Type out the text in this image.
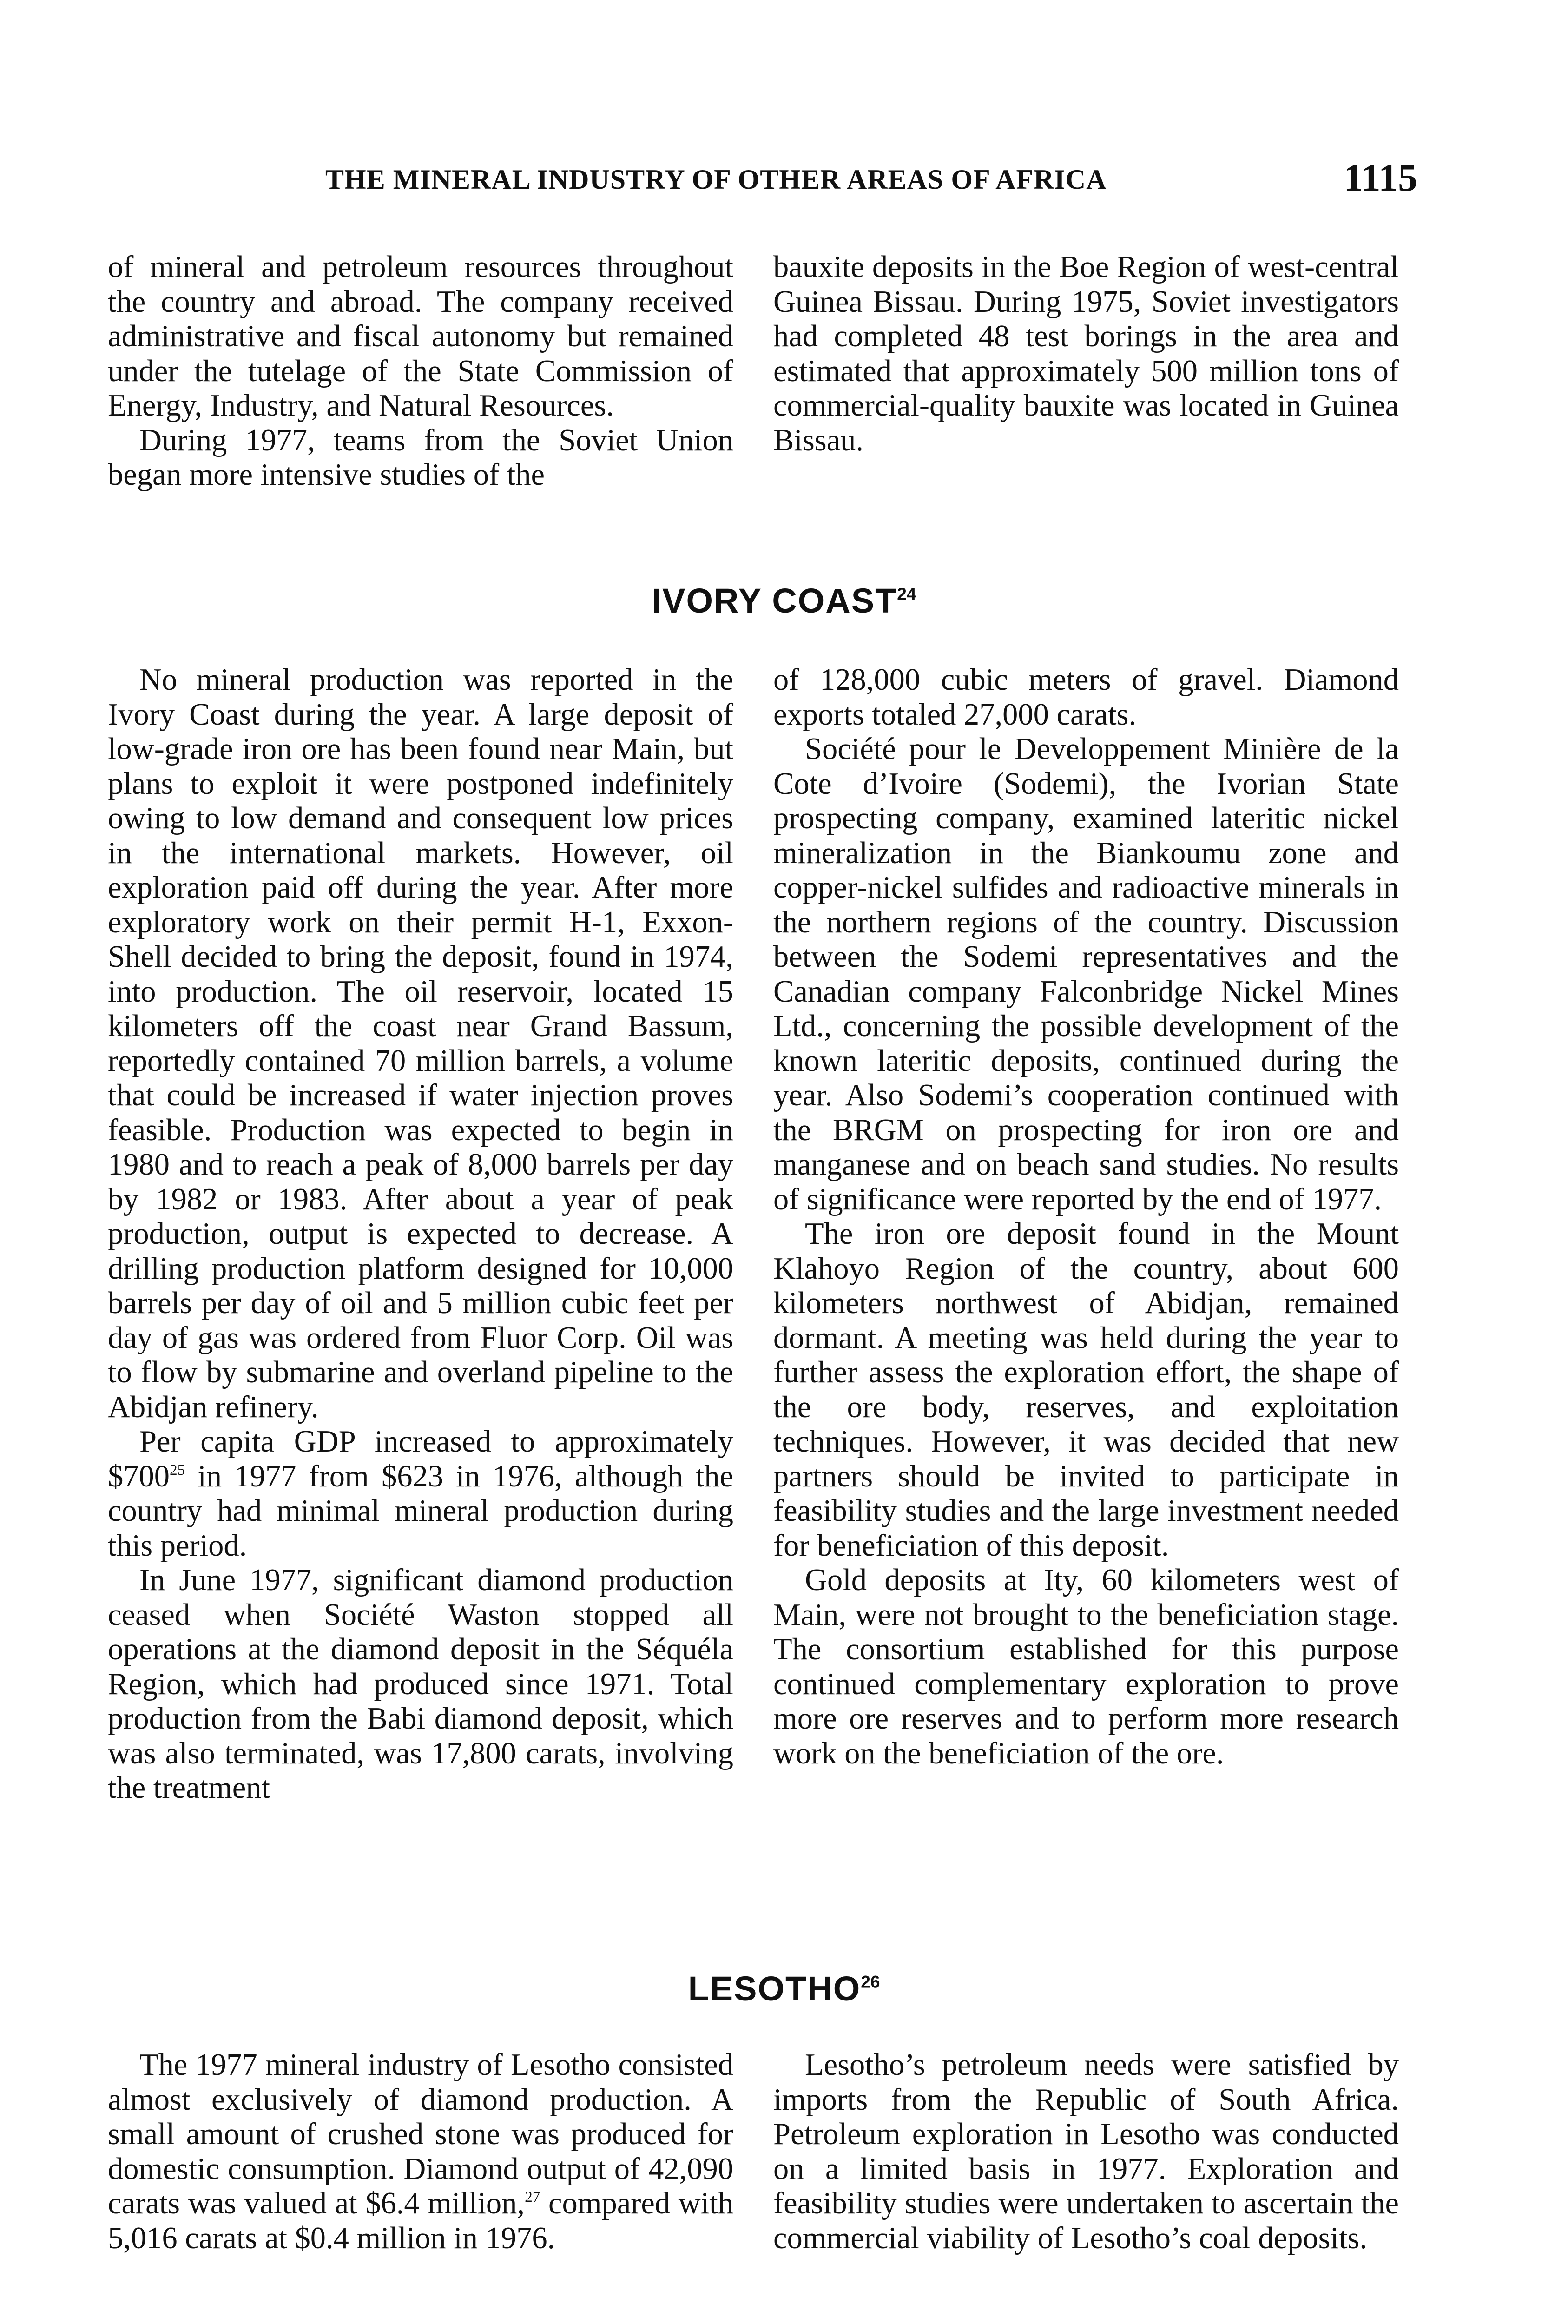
THE MINERAL INDUSTRY OF OTHER AREAS OF AFRICA	1115

of mineral and petroleum resources throughout the country and abroad. The company received administrative and fiscal autonomy but remained under the tutelage of the State Commission of Energy, Industry, and Natural Resources.

During 1977, teams from the Soviet Union began more intensive studies of the

bauxite deposits in the Boe Region of west-central Guinea Bissau. During 1975, Soviet investigators had completed 48 test borings in the area and estimated that approximately 500 million tons of commercial-quality bauxite was located in Guinea Bissau.

IVORY COAST$^{24}$

No mineral production was reported in the Ivory Coast during the year. A large deposit of low-grade iron ore has been found near Main, but plans to exploit it were postponed indefinitely owing to low demand and consequent low prices in the international markets. However, oil exploration paid off during the year. After more exploratory work on their permit H-1, Exxon-Shell decided to bring the deposit, found in 1974, into production. The oil reservoir, located 15 kilometers off the coast near Grand Bassum, reportedly contained 70 million barrels, a volume that could be increased if water injection proves feasible. Production was expected to begin in 1980 and to reach a peak of 8,000 barrels per day by 1982 or 1983. After about a year of peak production, output is expected to decrease. A drilling production platform designed for 10,000 barrels per day of oil and 5 million cubic feet per day of gas was ordered from Fluor Corp. Oil was to flow by submarine and overland pipeline to the Abidjan refinery.

Per capita GDP increased to approximately $\$700^{25}$ in 1977 from $623 in 1976, although the country had minimal mineral production during this period.

In June 1977, significant diamond production ceased when Société Waston stopped all operations at the diamond deposit in the Séquéla Region, which had produced since 1971. Total production from the Babi diamond deposit, which was also terminated, was 17,800 carats, involving the treatment

of 128,000 cubic meters of gravel. Diamond exports totaled 27,000 carats.

Société pour le Developpement Minière de la Cote d’Ivoire (Sodemi), the Ivorian State prospecting company, examined lateritic nickel mineralization in the Biankoumu zone and copper-nickel sulfides and radioactive minerals in the northern regions of the country. Discussion between the Sodemi representatives and the Canadian company Falconbridge Nickel Mines Ltd., concerning the possible development of the known lateritic deposits, continued during the year. Also Sodemi’s cooperation continued with the BRGM on prospecting for iron ore and manganese and on beach sand studies. No results of significance were reported by the end of 1977.

The iron ore deposit found in the Mount Klahoyo Region of the country, about 600 kilometers northwest of Abidjan, remained dormant. A meeting was held during the year to further assess the exploration effort, the shape of the ore body, reserves, and exploitation techniques. However, it was decided that new partners should be invited to participate in feasibility studies and the large investment needed for beneficiation of this deposit.

Gold deposits at Ity, 60 kilometers west of Main, were not brought to the beneficiation stage. The consortium established for this purpose continued complementary exploration to prove more ore reserves and to perform more research work on the beneficiation of the ore.

LESOTHO$^{26}$

The 1977 mineral industry of Lesotho consisted almost exclusively of diamond production. A small amount of crushed stone was produced for domestic consumption. Diamond output of 42,090 carats was valued at $6.4 million,$^{27}$ compared with 5,016 carats at $0.4 million in 1976.

Lesotho’s petroleum needs were satisfied by imports from the Republic of South Africa. Petroleum exploration in Lesotho was conducted on a limited basis in 1977. Exploration and feasibility studies were undertaken to ascertain the commercial viability of Lesotho’s coal deposits.
